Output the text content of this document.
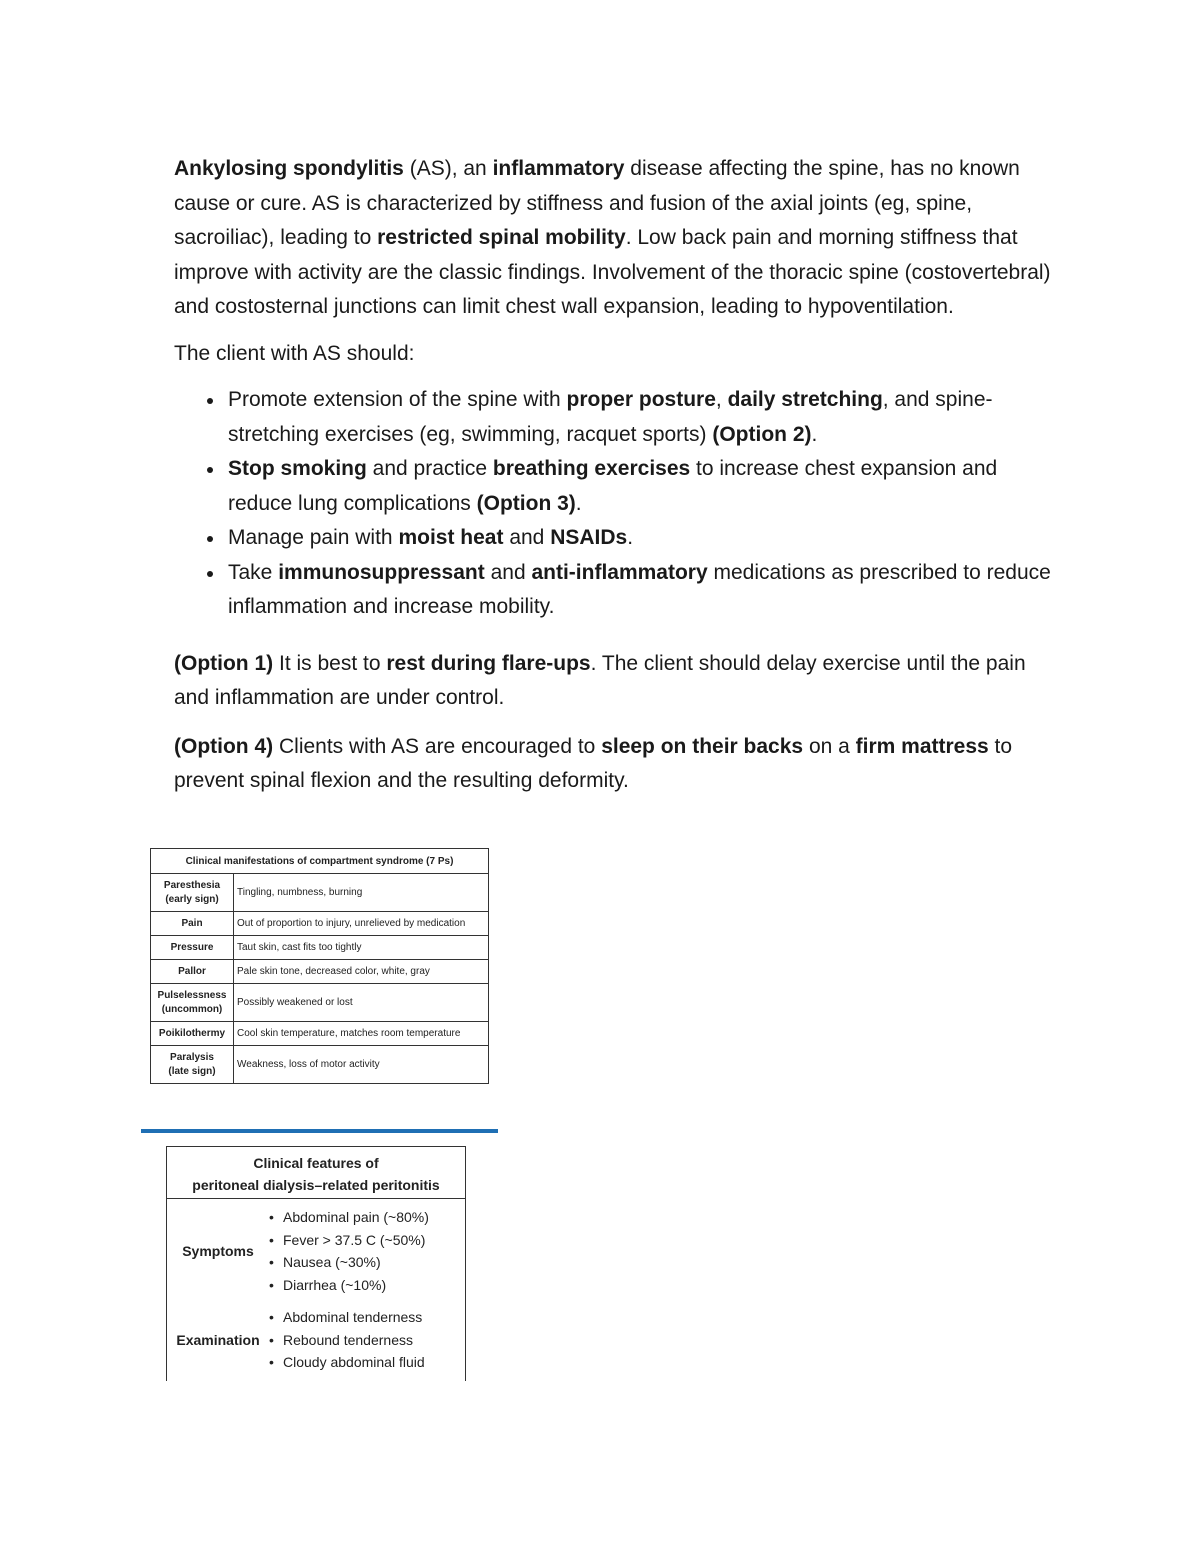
Ankylosing spondylitis (AS), an inflammatory disease affecting the spine, has no known cause or cure. AS is characterized by stiffness and fusion of the axial joints (eg, spine, sacroiliac), leading to restricted spinal mobility. Low back pain and morning stiffness that improve with activity are the classic findings. Involvement of the thoracic spine (costovertebral) and costosternal junctions can limit chest wall expansion, leading to hypoventilation.

The client with AS should:

Promote extension of the spine with proper posture, daily stretching, and spine-stretching exercises (eg, swimming, racquet sports) (Option 2).
Stop smoking and practice breathing exercises to increase chest expansion and reduce lung complications (Option 3).
Manage pain with moist heat and NSAIDs.
Take immunosuppressant and anti-inflammatory medications as prescribed to reduce inflammation and increase mobility.

(Option 1) It is best to rest during flare-ups. The client should delay exercise until the pain and inflammation are under control.

(Option 4) Clients with AS are encouraged to sleep on their backs on a firm mattress to prevent spinal flexion and the resulting deformity.

Clinical manifestations of compartment syndrome (7 Ps)	
Paresthesia
(early sign)	Tingling, numbness, burning
Pain	Out of proportion to injury, unrelieved by medication
Pressure	Taut skin, cast fits too tightly
Pallor	Pale skin tone, decreased color, white, gray
Pulselessness
(uncommon)	Possibly weakened or lost
Poikilothermy	Cool skin temperature, matches room temperature
Paralysis
(late sign)	Weakness, loss of motor activity
Clinical features of
peritoneal dialysis–related peritonitis
Symptoms
• Abdominal pain (~80%)
• Fever > 37.5 C (~50%)
• Nausea (~30%)
• Diarrhea (~10%)
Examination
• Abdominal tenderness
• Rebound tenderness
• Cloudy abdominal fluid
